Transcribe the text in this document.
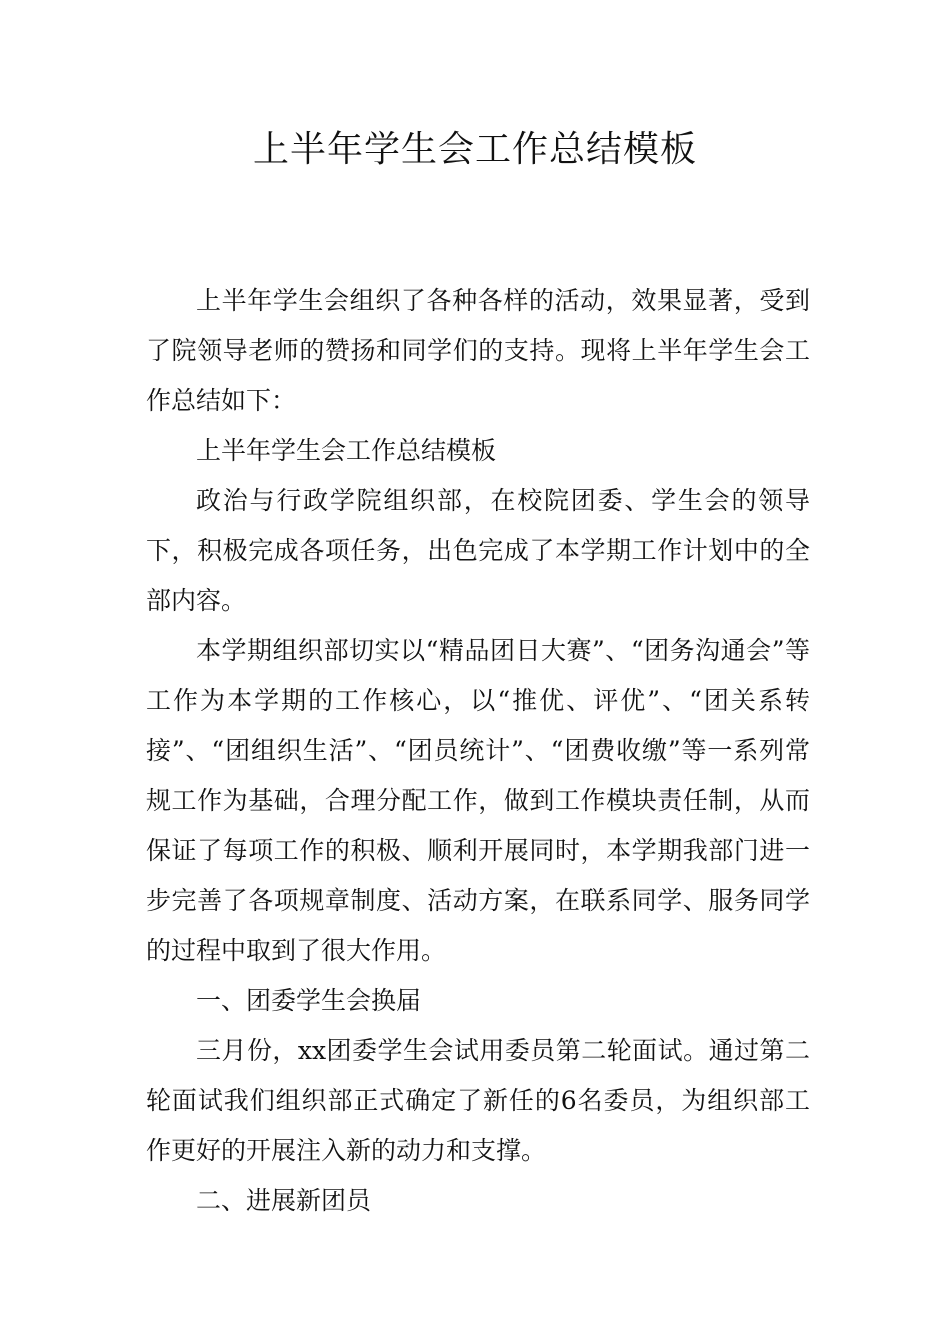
上半年学生会工作总结模板

上半年学生会组织了各种各样的活动，效果显著，受到了院领导老师的赞扬和同学们的支持。现将上半年学生会工作总结如下：

上半年学生会工作总结模板

政治与行政学院组织部，在校院团委、学生会的领导下，积极完成各项任务，出色完成了本学期工作计划中的全部内容。

本学期组织部切实以“精品团日大赛”、“团务沟通会”等工作为本学期的工作核心，以“推优、评优”、“团关系转接”、“团组织生活”、“团员统计”、“团费收缴”等一系列常规工作为基础，合理分配工作，做到工作模块责任制，从而保证了每项工作的积极、顺利开展同时，本学期我部门进一步完善了各项规章制度、活动方案，在联系同学、服务同学的过程中取到了很大作用。

一、团委学生会换届

三月份，xx团委学生会试用委员第二轮面试。通过第二轮面试我们组织部正式确定了新任的6名委员，为组织部工作更好的开展注入新的动力和支撑。

二、进展新团员
